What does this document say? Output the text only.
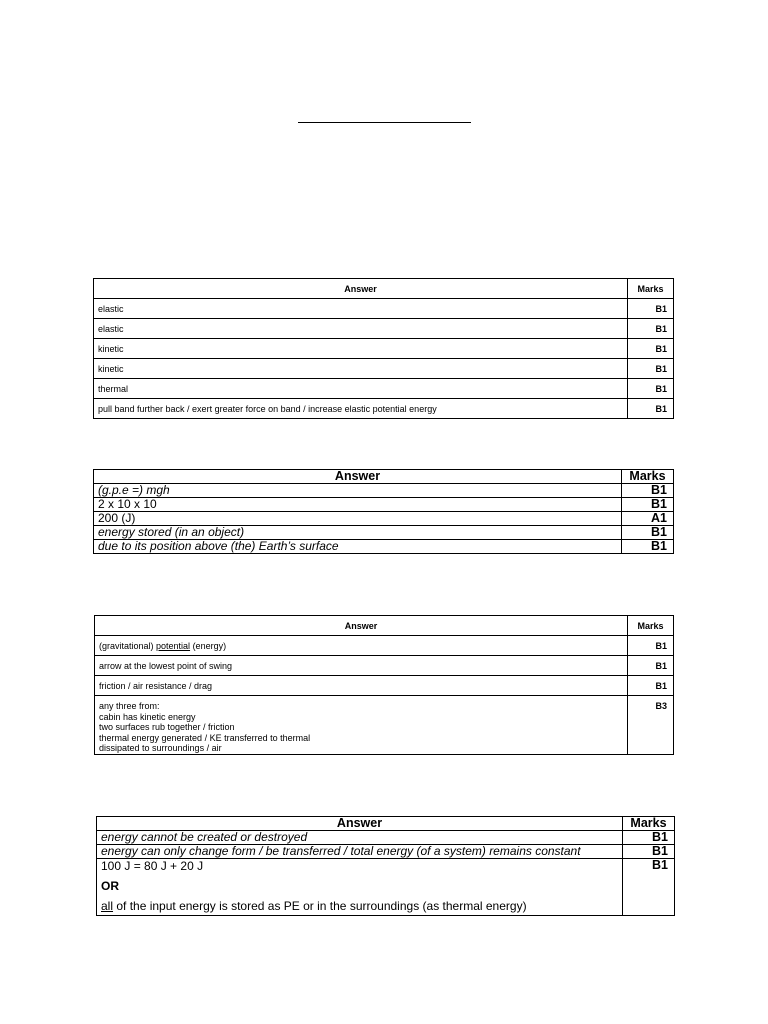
Answer	Marks
elastic	B1
elastic	B1
kinetic	B1
kinetic	B1
thermal	B1
pull band further back / exert greater force on band / increase elastic potential energy	B1
Answer	Marks
(g.p.e =) mgh	B1
2 x 10 x 10	B1
200 (J)	A1
energy stored (in an object)	B1
due to its position above (the) Earth’s surface	B1
Answer	Marks
(gravitational) potential (energy)	B1
arrow at the lowest point of swing	B1
friction / air resistance / drag	B1

any three from:
cabin has kinetic energy
two surfaces rub together / friction
thermal energy generated / KE transferred to thermal
dissipated to surroundings / air	B3
Answer	Marks
energy cannot be created or destroyed	B1
energy can only change form / be transferred / total energy (of a system) remains constant	B1
100 J = 80 J + 20 J
OR
all of the input energy is stored as PE or in the surroundings (as thermal energy)	B1
